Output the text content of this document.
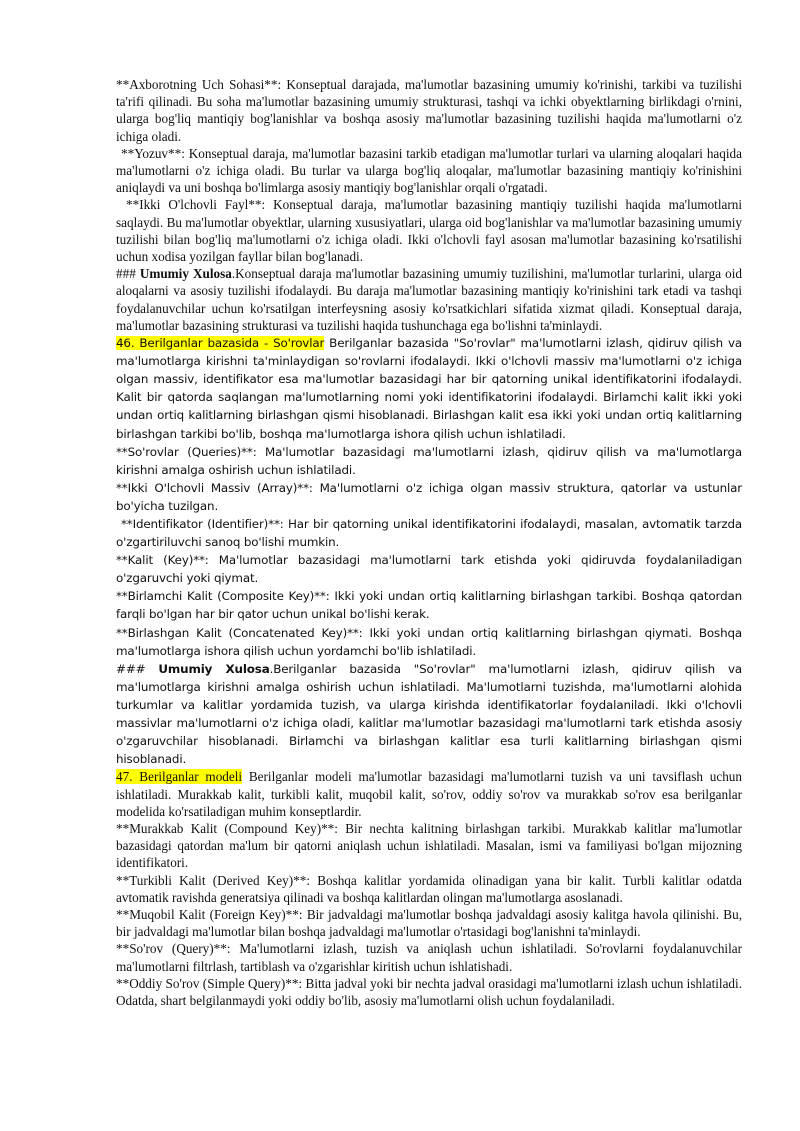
**Axborotning Uch Sohasi**: Konseptual darajada, ma'lumotlar bazasining umumiy ko'rinishi, tarkibi va tuzilishi ta'rifi qilinadi. Bu soha ma'lumotlar bazasining umumiy strukturasi, tashqi va ichki obyektlarning birlikdagi o'rnini, ularga bog'liq mantiqiy bog'lanishlar va boshqa asosiy ma'lumotlar bazasining tuzilishi haqida ma'lumotlarni o'z ichiga oladi.

**Yozuv**: Konseptual daraja, ma'lumotlar bazasini tarkib etadigan ma'lumotlar turlari va ularning aloqalari haqida ma'lumotlarni o'z ichiga oladi. Bu turlar va ularga bog'liq aloqalar, ma'lumotlar bazasining mantiqiy ko'rinishini aniqlaydi va uni boshqa bo'limlarga asosiy mantiqiy bog'lanishlar orqali o'rgatadi.

**Ikki O'lchovli Fayl**: Konseptual daraja, ma'lumotlar bazasining mantiqiy tuzilishi haqida ma'lumotlarni saqlaydi. Bu ma'lumotlar obyektlar, ularning xususiyatlari, ularga oid bog'lanishlar va ma'lumotlar bazasining umumiy tuzilishi bilan bog'liq ma'lumotlarni o'z ichiga oladi. Ikki o'lchovli fayl asosan ma'lumotlar bazasining ko'rsatilishi uchun xodisa yozilgan fayllar bilan bog'lanadi.

### Umumiy Xulosa.Konseptual daraja ma'lumotlar bazasining umumiy tuzilishini, ma'lumotlar turlarini, ularga oid aloqalarni va asosiy tuzilishi ifodalaydi. Bu daraja ma'lumotlar bazasining mantiqiy ko'rinishini tark etadi va tashqi foydalanuvchilar uchun ko'rsatilgan interfeysning asosiy ko'rsatkichlari sifatida xizmat qiladi. Konseptual daraja, ma'lumotlar bazasining strukturasi va tuzilishi haqida tushunchaga ega bo'lishni ta'minlaydi.

46. Berilganlar bazasida - So'rovlar Berilganlar bazasida "So'rovlar" ma'lumotlarni izlash, qidiruv qilish va ma'lumotlarga kirishni ta'minlaydigan so'rovlarni ifodalaydi. Ikki o'lchovli massiv ma'lumotlarni o'z ichiga olgan massiv, identifikator esa ma'lumotlar bazasidagi har bir qatorning unikal identifikatorini ifodalaydi. Kalit bir qatorda saqlangan ma'lumotlarning nomi yoki identifikatorini ifodalaydi. Birlamchi kalit ikki yoki undan ortiq kalitlarning birlashgan qismi hisoblanadi. Birlashgan kalit esa ikki yoki undan ortiq kalitlarning birlashgan tarkibi bo'lib, boshqa ma'lumotlarga ishora qilish uchun ishlatiladi.

**So'rovlar (Queries)**: Ma'lumotlar bazasidagi ma'lumotlarni izlash, qidiruv qilish va ma'lumotlarga kirishni amalga oshirish uchun ishlatiladi.

**Ikki O'lchovli Massiv (Array)**: Ma'lumotlarni o'z ichiga olgan massiv struktura, qatorlar va ustunlar bo'yicha tuzilgan.

**Identifikator (Identifier)**: Har bir qatorning unikal identifikatorini ifodalaydi, masalan, avtomatik tarzda o'zgartiriluvchi sanoq bo'lishi mumkin.

**Kalit (Key)**: Ma'lumotlar bazasidagi ma'lumotlarni tark etishda yoki qidiruvda foydalaniladigan o'zgaruvchi yoki qiymat.

**Birlamchi Kalit (Composite Key)**: Ikki yoki undan ortiq kalitlarning birlashgan tarkibi. Boshqa qatordan farqli bo'lgan har bir qator uchun unikal bo'lishi kerak.

**Birlashgan Kalit (Concatenated Key)**: Ikki yoki undan ortiq kalitlarning birlashgan qiymati. Boshqa ma'lumotlarga ishora qilish uchun yordamchi bo'lib ishlatiladi.

### Umumiy Xulosa.Berilganlar bazasida "So'rovlar" ma'lumotlarni izlash, qidiruv qilish va ma'lumotlarga kirishni amalga oshirish uchun ishlatiladi. Ma'lumotlarni tuzishda, ma'lumotlarni alohida turkumlar va kalitlar yordamida tuzish, va ularga kirishda identifikatorlar foydalaniladi. Ikki o'lchovli massivlar ma'lumotlarni o'z ichiga oladi, kalitlar ma'lumotlar bazasidagi ma'lumotlarni tark etishda asosiy o'zgaruvchilar hisoblanadi. Birlamchi va birlashgan kalitlar esa turli kalitlarning birlashgan qismi hisoblanadi.

47. Berilganlar modeli Berilganlar modeli ma'lumotlar bazasidagi ma'lumotlarni tuzish va uni tavsiflash uchun ishlatiladi. Murakkab kalit, turkibli kalit, muqobil kalit, so'rov, oddiy so'rov va murakkab so'rov esa berilganlar modelida ko'rsatiladigan muhim konseptlardir.

**Murakkab Kalit (Compound Key)**: Bir nechta kalitning birlashgan tarkibi. Murakkab kalitlar ma'lumotlar bazasidagi qatordan ma'lum bir qatorni aniqlash uchun ishlatiladi. Masalan, ismi va familiyasi bo'lgan mijozning identifikatori.

**Turkibli Kalit (Derived Key)**: Boshqa kalitlar yordamida olinadigan yana bir kalit. Turbli kalitlar odatda avtomatik ravishda generatsiya qilinadi va boshqa kalitlardan olingan ma'lumotlarga asoslanadi.

**Muqobil Kalit (Foreign Key)**: Bir jadvaldagi ma'lumotlar boshqa jadvaldagi asosiy kalitga havola qilinishi. Bu, bir jadvaldagi ma'lumotlar bilan boshqa jadvaldagi ma'lumotlar o'rtasidagi bog'lanishni ta'minlaydi.

**So'rov (Query)**: Ma'lumotlarni izlash, tuzish va aniqlash uchun ishlatiladi. So'rovlarni foydalanuvchilar ma'lumotlarni filtrlash, tartiblash va o'zgarishlar kiritish uchun ishlatishadi.

**Oddiy So'rov (Simple Query)**: Bitta jadval yoki bir nechta jadval orasidagi ma'lumotlarni izlash uchun ishlatiladi. Odatda, shart belgilanmaydi yoki oddiy bo'lib, asosiy ma'lumotlarni olish uchun foydalaniladi.
